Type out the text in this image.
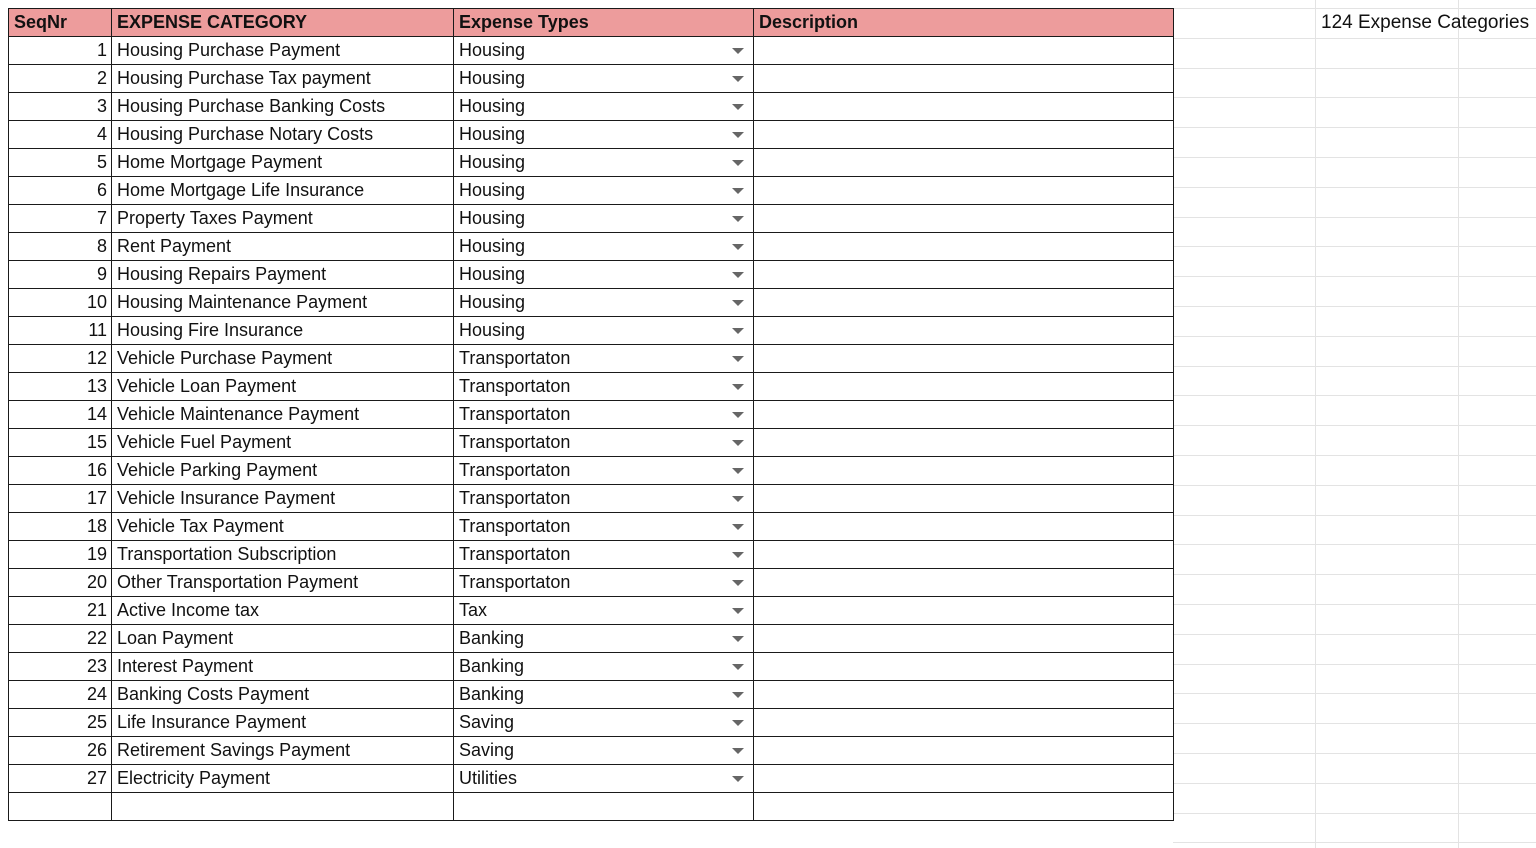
SeqNr	EXPENSE CATEGORY	Expense Types	Description
1	Housing Purchase Payment	Housing

2	Housing Purchase Tax payment	Housing

3	Housing Purchase Banking Costs	Housing

4	Housing Purchase Notary Costs	Housing

5	Home Mortgage Payment	Housing

6	Home Mortgage Life Insurance	Housing

7	Property Taxes Payment	Housing

8	Rent Payment	Housing

9	Housing Repairs Payment	Housing

10	Housing Maintenance Payment	Housing

11	Housing Fire Insurance	Housing

12	Vehicle Purchase Payment	Transportaton

13	Vehicle Loan Payment	Transportaton

14	Vehicle Maintenance Payment	Transportaton

15	Vehicle Fuel Payment	Transportaton

16	Vehicle Parking Payment	Transportaton

17	Vehicle Insurance Payment	Transportaton

18	Vehicle Tax Payment	Transportaton

19	Transportation Subscription	Transportaton

20	Other Transportation Payment	Transportaton

21	Active Income tax	Tax

22	Loan Payment	Banking

23	Interest Payment	Banking

24	Banking Costs Payment	Banking

25	Life Insurance Payment	Saving

26	Retirement Savings Payment	Saving

27	Electricity Payment	Utilities

124 Expense Categories
